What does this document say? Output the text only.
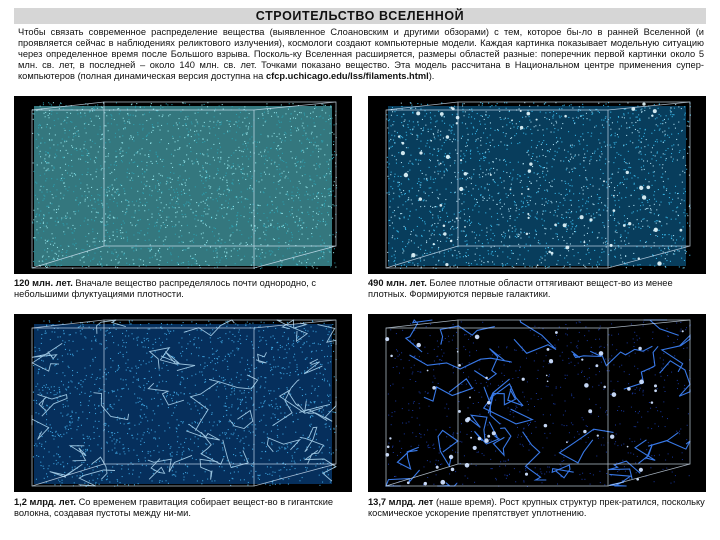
СТРОИТЕЛЬСТВО ВСЕЛЕННОЙ
Чтобы связать современное распределение вещества (выявленное Слоановским и другими обзорами) с тем, которое бы-ло в ранней Вселенной (и проявляется сейчас в наблюдениях реликтового излучения), космологи создают компьютерные модели. Каждая картинка показывает модельную ситуацию через определенное время после Большого взрыва. Посколь-ку Вселенная расширяется, размеры областей разные: поперечник первой картинки около 5 млн. св. лет, в последней – около 140 млн. св. лет. Точками показано вещество. Эта модель рассчитана в Национальном центре применения супер-компьютеров (полная динамическая версия доступна на cfcp.uchicago.edu/lss/filaments.html).
120 млн. лет. Вначале вещество распределялось почти однородно, с небольшими флуктуациями плотности.
490 млн. лет. Более плотные области оттягивают вещест-во из менее плотных. Формируются первые галактики.
1,2 млрд. лет. Со временем гравитация собирает вещест-во в гигантские волокна, создавая пустоты между ни-ми.
13,7 млрд. лет (наше время). Рост крупных структур прек-ратился, поскольку космическое ускорение препятствует уплотнению.
